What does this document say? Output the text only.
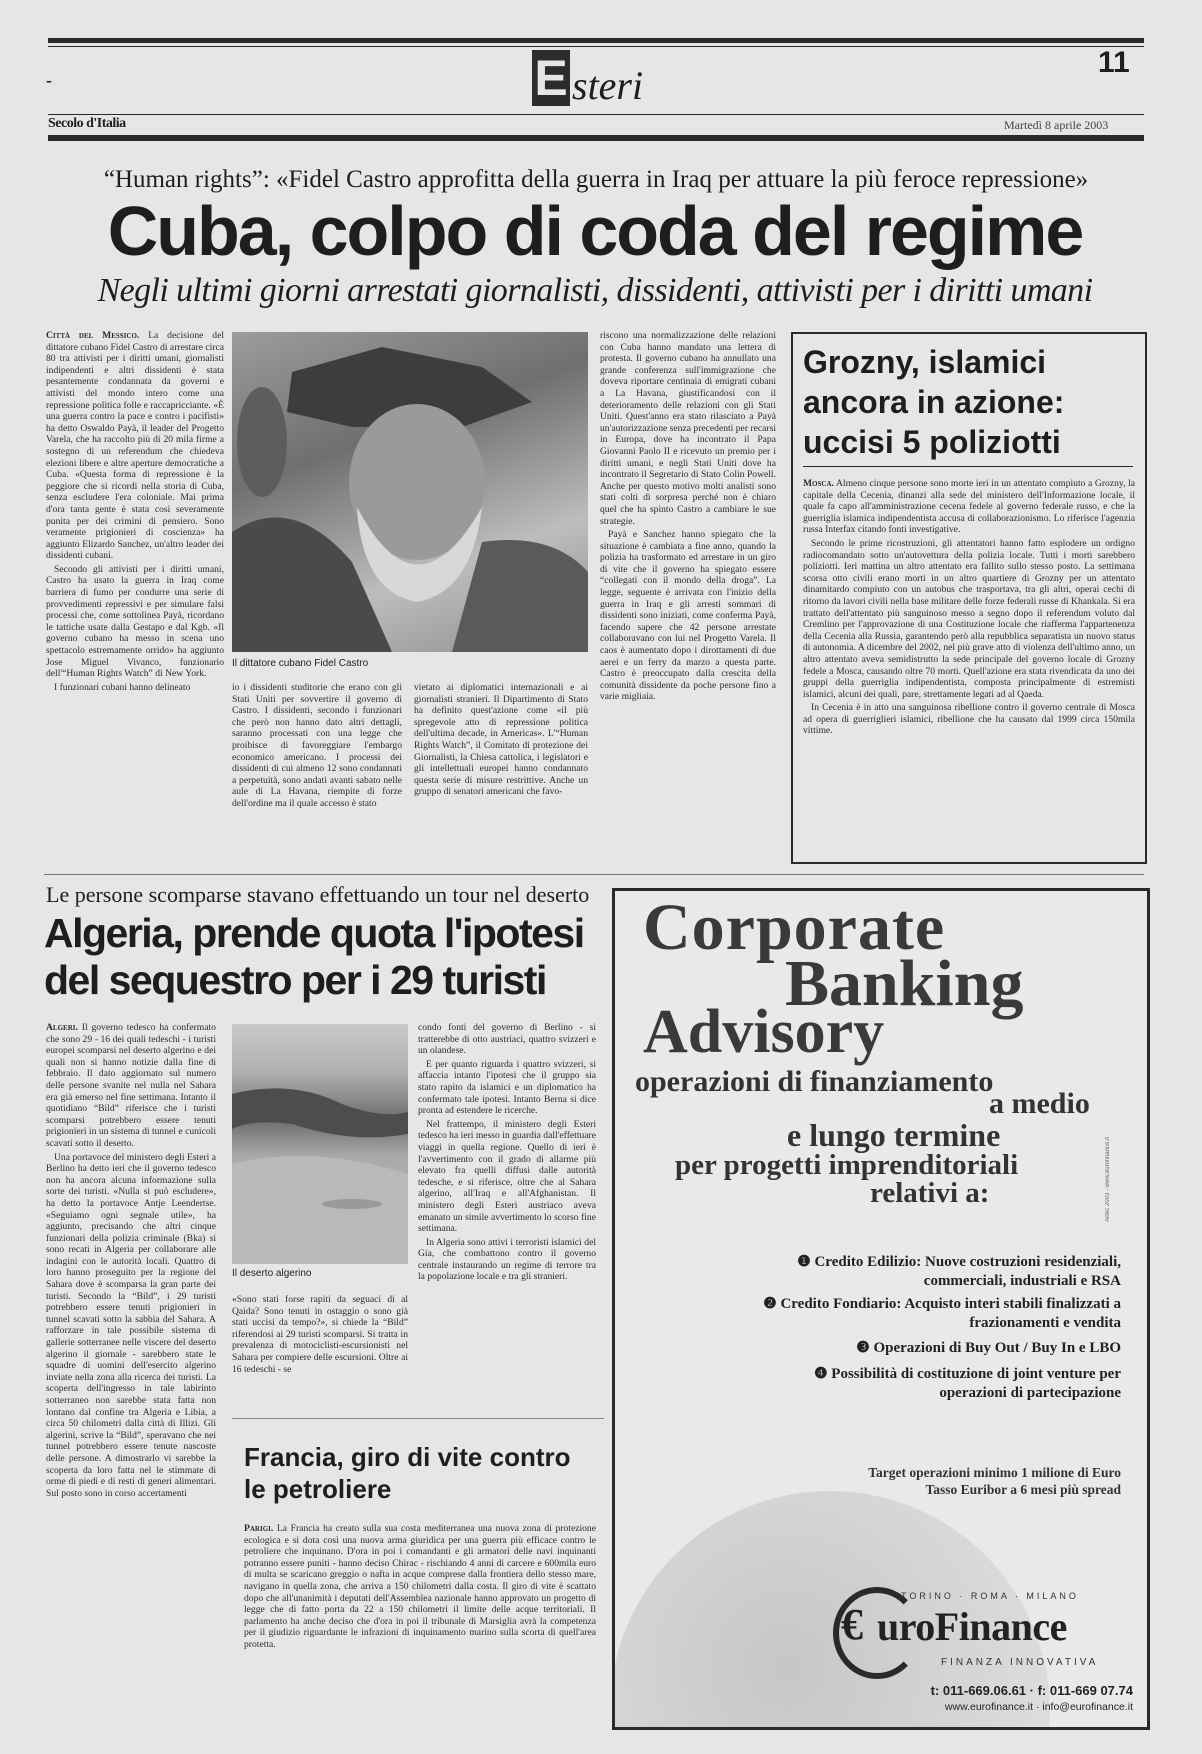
-	E steri
11
Secolo d'Italia	Martedì 8 aprile 2003
“Human rights”: «Fidel Castro approfitta della guerra in Iraq per attuare la più feroce repressione»
Cuba, colpo di coda del regime
Negli ultimi giorni arrestati giornalisti, dissidenti, attivisti per i diritti umani

Città del Messico. La decisione del dittatore cubano Fidel Castro di arrestare circa 80 tra attivisti per i diritti umani, giornalisti indipendenti e altri dissidenti è stata pesantemente condannata da governi e attivisti del mondo intero come una repressione politica folle e raccapricciante. «È una guerra contro la pace e contro i pacifisti» ha detto Oswaldo Payà, il leader del Progetto Varela, che ha raccolto più di 20 mila firme a sostegno di un referendum che chiedeva elezioni libere e altre aperture democratiche a Cuba. «Questa forma di repressione è la peggiore che si ricordi nella storia di Cuba, senza escludere l'era coloniale. Mai prima d'ora tanta gente è stata così severamente punita per dei crimini di pensiero. Sono veramente prigionieri di coscienza» ha aggiunto Elizardo Sanchez, un'altro leader dei dissidenti cubani.

Secondo gli attivisti per i diritti umani, Castro ha usato la guerra in Iraq come barriera di fumo per condurre una serie di provvedimenti repressivi e per simulare falsi processi che, come sottolinea Payà, ricordano le tattiche usate dalla Gestapo e dal Kgb. «Il governo cubano ha messo in scena uno spettacolo estremamente orrido» ha aggiunto Jose Miguel Vivanco, funzionario dell'“Human Rights Watch” di New York.

I funzionari cubani hanno delineato

Il dittatore cubano Fidel Castro

io i dissidenti studitorie che erano con gli Stati Uniti per sovvertire il governo di Castro. I dissidenti, secondo i funzionari che però non hanno dato altri dettagli, saranno processati con una legge che proibisce di favoreggiare l'embargo economico americano. I processi dei dissidenti di cui almeno 12 sono condannati a perpetuità, sono andati avanti sabato nelle aule di La Havana, riempite di forze dell'ordine ma il quale accesso è stato

vietato ai diplomatici internazionali e ai giornalisti stranieri. Il Dipartimento di Stato ha definito quest'azione come «il più spregevole atto di repressione politica dell'ultima decade, in Americas». L'“Human Rights Watch”, il Comitato di protezione dei Giornalisti, la Chiesa cattolica, i legislatori e gli intellettuali europei hanno condannato questa serie di misure restrittive. Anche un gruppo di senatori americani che favo-

riscono una normalizzazione delle relazioni con Cuba hanno mandato una lettera di protesta. Il governo cubano ha annullato una grande conferenza sull'immigrazione che doveva riportare centinaia di emigrati cubani a La Havana, giustificandosi con il deterioramento delle relazioni con gli Stati Uniti. Quest'anno era stato rilasciato a Payà un'autorizzazione senza precedenti per recarsi in Europa, dove ha incontrato il Papa Giovanni Paolo II e ricevuto un premio per i diritti umani, e negli Stati Uniti dove ha incontrato il Segretario di Stato Colin Powell. Anche per questo motivo molti analisti sono stati colti di sorpresa perché non è chiaro quel che ha spinto Castro a cambiare le sue strategie.

Payà e Sanchez hanno spiegato che la situazione è cambiata a fine anno, quando la polizia ha trasformato ed arrestare in un giro di vite che il governo ha spiegato essere “collegati con il mondo della droga”. La legge, seguente è arrivata con l'inizio della guerra in Iraq e gli arresti sommari di dissidenti sono iniziati, come conferma Payà, facendo sapere che 42 persone arrestate collaboravano con lui nel Progetto Varela. Il caos è aumentato dopo i dirottamenti di due aerei e un ferry da marzo a questa parte. Castro è preoccupato dalla crescita della comunità dissidente da poche persone fino a varie migliaia.

Grozny, islamici ancora in azione: uccisi 5 poliziotti

Mosca. Almeno cinque persone sono morte ieri in un attentato compiuto a Grozny, la capitale della Cecenia, dinanzi alla sede del ministero dell'Informazione locale, il quale fa capo all'amministrazione cecena fedele al governo federale russo, e che la guerriglia islamica indipendentista accusa di collaborazionismo. Lo riferisce l'agenzia russa Interfax citando fonti investigative.

Secondo le prime ricostruzioni, gli attentatori hanno fatto esplodere un ordigno radiocomandato sotto un'autovettura della polizia locale. Tutti i morti sarebbero poliziotti. Ieri mattina un altro attentato era fallito sullo stesso posto. La settimana scorsa otto civili erano morti in un altro quartiere di Grozny per un attentato dinamitardo compiuto con un autobus che trasportava, tra gli altri, operai cechi di ritorno da lavori civili nella base militare delle forze federali russe di Khankala. Si era trattato dell'attentato più sanguinoso messo a segno dopo il referendum voluto dal Cremlino per l'approvazione di una Costituzione locale che riafferma l'appartenenza della Cecenia alla Russia, garantendo però alla repubblica separatista un nuovo status di autonomia. A dicembre del 2002, nel più grave atto di violenza dell'ultimo anno, un altro attentato aveva semidistrutto la sede principale del governo locale di Grozny fedele a Mosca, causando oltre 70 morti. Quell'azione era stata rivendicata da uno dei gruppi della guerriglia indipendentista, composta principalmente di estremisti islamici, alcuni dei quali, pare, strettamente legati ad al Qaeda.

In Cecenia è in atto una sanguinosa ribellione contro il governo centrale di Mosca ad opera di guerriglieri islamici, ribellione che ha causato dal 1999 circa 150mila vittime.

Le persone scomparse stavano effettuando un tour nel deserto
Algeria, prende quota l'ipotesi del sequestro per i 29 turisti

Algeri. Il governo tedesco ha confermato che sono 29 - 16 dei quali tedeschi - i turisti europei scomparsi nel deserto algerino e dei quali non si hanno notizie dalla fine di febbraio. Il dato aggiornato sul numero delle persone svanite nel nulla nel Sahara era già emerso nel fine settimana. Intanto il quotidiano “Bild” riferisce che i turisti scomparsi potrebbero essere tenuti prigionieri in un sistema di tunnel e cunicoli scavati sotto il deserto.

Una portavoce del ministero degli Esteri a Berlino ha detto ieri che il governo tedesco non ha ancora alcuna informazione sulla sorte dei turisti. «Nulla si può escludere», ha detto la portavoce Antje Leendertse. «Seguiamo ogni segnale utile», ha aggiunto, precisando che altri cinque funzionari della polizia criminale (Bka) si sono recati in Algeria per collaborare alle indagini con le autorità locali. Quattro di loro hanno proseguito per la regione del Sahara dove è scomparsa la gran parte dei turisti. Secondo la “Bild”, i 29 turisti potrebbero essere tenuti prigionieri in tunnel scavati sotto la sabbia del Sahara. A rafforzare in tale possibile sistema di gallerie sotterranee nelle viscere del deserto algerino il giornale - sarebbero state le squadre di uomini dell'esercito algerino inviate nella zona alla ricerca dei turisti. La scoperta dell'ingresso in tale labirinto sotterraneo non sarebbe stata fatta non lontano dal confine tra Algeria e Libia, a circa 50 chilometri dalla città di Illizi. Gli algerini, scrive la “Bild”, speravano che nei tunnel potrebbero essere tenute nascoste delle persone. A dimostrarlo vi sarebbe la scoperta da loro fatta nel le stimmate di orme di piedi e di resti di generi alimentari. Sul posto sono in corso accertamenti

Il deserto algerino

«Sono stati forse rapiti da seguaci di al Qaida? Sono tenuti in ostaggio o sono già stati uccisi da tempo?», si chiede la “Bild” riferendosi ai 29 turisti scomparsi. Si tratta in prevalenza di motociclisti-escursionisti nel Sahara per compiere delle escursioni. Oltre ai 16 tedeschi - se

condo fonti del governo di Berlino - si tratterebbe di otto austriaci, quattro svizzeri e un olandese.

E per quanto riguarda i quattro svizzeri, si affaccia intanto l'ipotesi che il gruppo sia stato rapito da islamici e un diplomatico ha confermato tale ipotesi. Intanto Berna si dice pronta ad estendere le ricerche.

Nel frattempo, il ministero degli Esteri tedesco ha ieri messo in guardia dall'effettuare viaggi in quella regione. Quello di ieri è l'avvertimento con il grado di allarme più elevato fra quelli diffusi dalle autorità tedesche, e si riferisce, oltre che al Sahara algerino, all'Iraq e all'Afghanistan. Il ministero degli Esteri austriaco aveva emanato un simile avvertimento lo scorso fine settimana.

In Algeria sono attivi i terroristi islamici del Gia, che combattono contro il governo centrale instaurando un regime di terrore tra la popolazione locale e tra gli stranieri.

Francia, giro di vite contro le petroliere

Parigi. La Francia ha creato sulla sua costa mediterranea una nuova zona di protezione ecologica e si dota così una nuova arma giuridica per una guerra più efficace contro le petroliere che inquinano. D'ora in poi i comandanti e gli armatori delle navi inquinanti potranno essere puniti - hanno deciso Chirac - rischiando 4 anni di carcere e 600mila euro di multa se scaricano greggio o nafta in acque comprese dalla frontiera dello stesso mare, navigano in quella zona, che arriva a 150 chilometri dalla costa. Il giro di vite è scattato dopo che all'unanimità i deputati dell'Assemblea nazionale hanno approvato un progetto di legge che di fatto porta da 22 a 150 chilometri il limite delle acque territoriali. Il parlamento ha anche deciso che d'ora in poi il tribunale di Marsiglia avrà la competenza per il giudizio riguardante le infrazioni di inquinamento marino sulla scorta di quell'area protetta.

Corporate
Banking
Advisory
operazioni di finanziamento
a medio
e lungo termine
per progetti imprenditoriali
relativi a:	Artec 2003 - www.eurofinance.it
❶ Credito Edilizio: Nuove costruzioni residenziali, commerciali, industriali e RSA
❷ Credito Fondiario: Acquisto interi stabili finalizzati a frazionamenti e vendita
❸ Operazioni di Buy Out / Buy In e LBO
❹ Possibilità di costituzione di joint venture per operazioni di partecipazione
Target operazioni minimo 1 milione di Euro
Tasso Euribor a 6 mesi più spread
TORINO · ROMA · MILANO
€ uroFinance
FINANZA INNOVATIVA
t: 011-669.06.61 · f: 011-669 07.74
www.eurofinance.it · info@eurofinance.it
